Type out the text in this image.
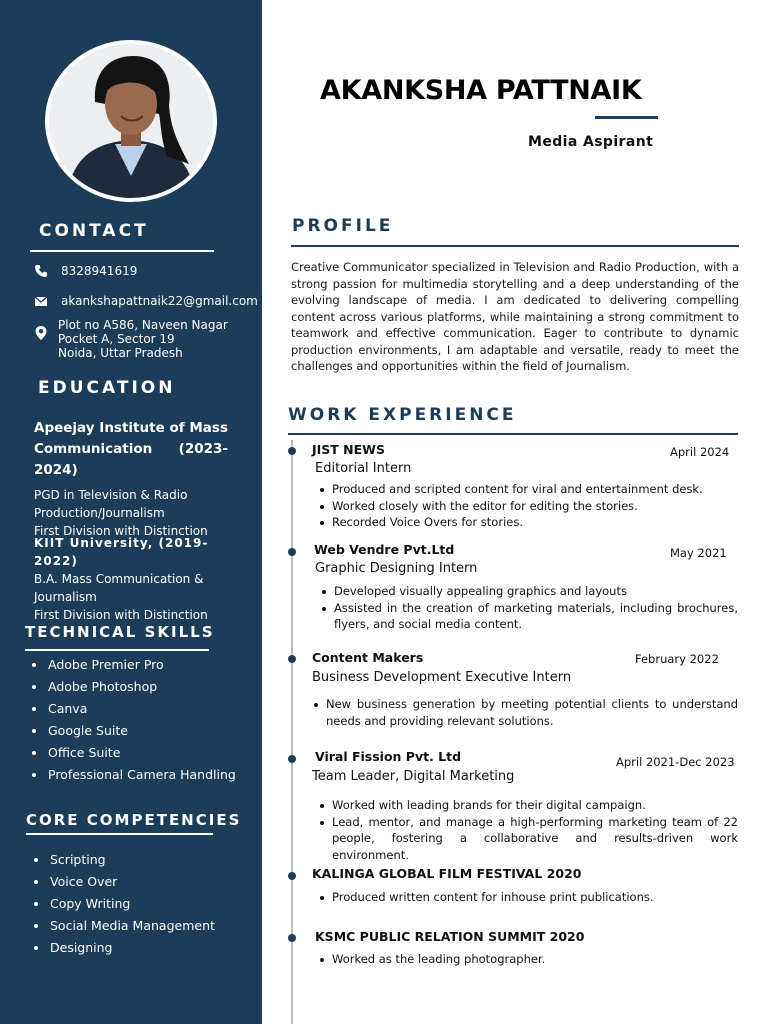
CONTACT
8328941619
akankshapattnaik22@gmail.com
Plot no A586, Naveen Nagar
Pocket A, Sector 19
Noida, Uttar Pradesh
EDUCATION
Apeejay Institute of Mass Communication (2023-2024)
PGD in Television & Radio Production/Journalism
First Division with Distinction
KIIT University, (2019-2022)
B.A. Mass Communication & Journalism
First Division with Distinction
TECHNICAL SKILLS
Adobe Premier Pro
Adobe Photoshop
Canva
Google Suite
Office Suite
Professional Camera Handling
CORE COMPETENCIES
Scripting
Voice Over
Copy Writing
Social Media Management
Designing
AKANKSHA PATTNAIK
Media Aspirant
PROFILE
Creative Communicator specialized in Television and Radio Production, with a strong passion for multimedia storytelling and a deep understanding of the evolving landscape of media. I am dedicated to delivering compelling content across various platforms, while maintaining a strong commitment to teamwork and effective communication. Eager to contribute to dynamic production environments, I am adaptable and versatile, ready to meet the challenges and opportunities within the field of Journalism.
WORK EXPERIENCE
JIST NEWS	April 2024
Editorial Intern
Produced and scripted content for viral and entertainment desk.
Worked closely with the editor for editing the stories.
Recorded Voice Overs for stories.
Web Vendre Pvt.Ltd	May 2021
Graphic Designing Intern
Developed visually appealing graphics and layouts
Assisted in the creation of marketing materials, including brochures, flyers, and social media content.
Content Makers	February 2022
Business Development Executive Intern
New business generation by meeting potential clients to understand needs and providing relevant solutions.
Viral Fission Pvt. Ltd	April 2021-Dec 2023
Team Leader, Digital Marketing
Worked with leading brands for their digital campaign.
Lead, mentor, and manage a high-performing marketing team of 22 people, fostering a collaborative and results-driven work environment.
KALINGA GLOBAL FILM FESTIVAL 2020
Produced written content for inhouse print publications.
KSMC PUBLIC RELATION SUMMIT 2020
Worked as the leading photographer.
